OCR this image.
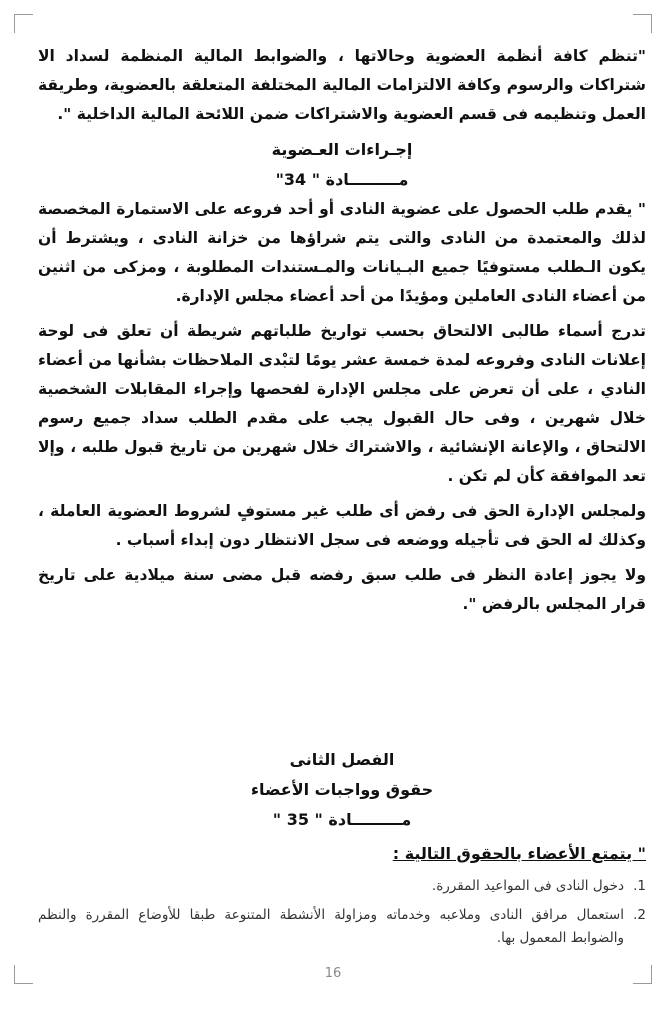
"تنظم كافة أنظمة العضوية وحالاتها ، والضوابط المالية المنظمة لسداد الا شتراكات والرسوم وكافة الالتزامات المالية المختلفة المتعلقة بالعضوية، وطريقة العمل وتنظيمه فى قسم العضوية والاشتراكات ضمن اللائحة المالية الداخلية ".

إجـراءات العـضوية

مـــــــــادة " 34"

" يقدم طلب الحصول على عضوية النادى أو أحد فروعه على الاستمارة المخصصة لذلك والمعتمدة من النادى والتى يتم شراؤها من خزانة النادى ، ويشترط أن يكون الـطلب مستوفيًا جميع البـيانات والمـستندات المطلوبة ، ومزكى من اثنين من أعضاء النادى العاملين ومؤيدًا من أحد أعضاء مجلس الإدارة.

تدرج أسماء طالبى الالتحاق بحسب تواريخ طلباتهم شريطة أن تعلق فى لوحة إعلانات النادى وفروعه لمدة خمسة عشر يومًا لتبْدى الملاحظات بشأنها من أعضاء النادي ، على أن تعرض على مجلس الإدارة لفحصها وإجراء المقابلات الشخصية خلال شهرين ، وفى حال القبول يجب على مقدم الطلب سداد جميع رسوم الالتحاق ، والإعانة الإنشائية ، والاشتراك خلال شهرين من تاريخ قبول طلبه ، وإلا تعد الموافقة كأن لم تكن .

ولمجلس الإدارة الحق فى رفض أى طلب غير مستوفٍ لشروط العضوية العاملة ، وكذلك له الحق فى تأجيله ووضعه فى سجل الانتظار دون إبداء أسباب .

ولا يجوز إعادة النظر فى طلب سبق رفضه قبل مضى سنة ميلادية على تاريخ قرار المجلس بالرفض ".

الفصل الثانى

حقوق وواجبات الأعضاء

مـــــــــادة " 35 "

" يتمتع الأعضاء بالحقوق التالية :

1.
دخول النادى فى المواعيد المقررة.
2.
استعمال مرافق النادى وملاعبه وخدماته ومزاولة الأنشطة المتنوعة طبقا للأوضاع المقررة والنظم والضوابط المعمول بها.
16
